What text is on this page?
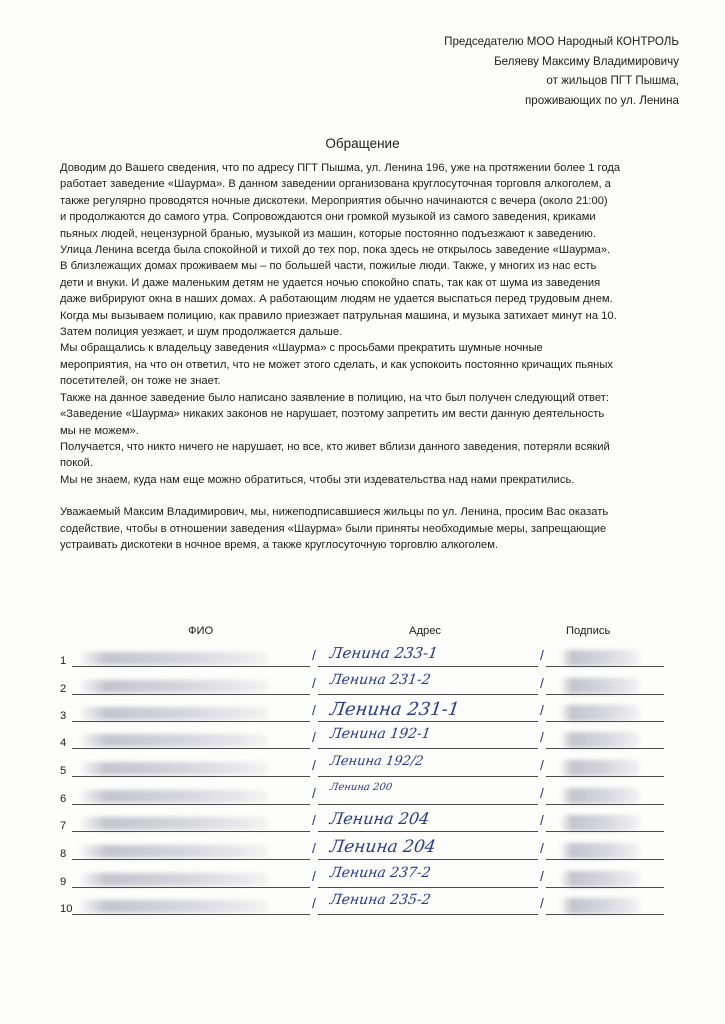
Председателю МОО Народный КОНТРОЛЬ
Беляеву Максиму Владимировичу
от жильцов ПГТ Пышма,
проживающих по ул. Ленина
Обращение

Доводим до Вашего сведения, что по адресу ПГТ Пышма, ул. Ленина 196, уже на протяжении более 1 года

работает заведение «Шаурма». В данном заведении организована круглосуточная торговля алкоголем, а

также регулярно проводятся ночные дискотеки. Мероприятия обычно начинаются с вечера (около 21:00)

и продолжаются до самого утра. Сопровождаются они громкой музыкой из самого заведения, криками

пьяных людей, нецензурной бранью, музыкой из машин, которые постоянно подъезжают к заведению.

Улица Ленина всегда была спокойной и тихой до тех пор, пока здесь не открылось заведение «Шаурма».

В близлежащих домах проживаем мы – по большей части, пожилые люди. Также, у многих из нас есть

дети и внуки. И даже маленьким детям не удается ночью спокойно спать, так как от шума из заведения

даже вибрируют окна в наших домах. А работающим людям не удается выспаться перед трудовым днем.

Когда мы вызываем полицию, как правило приезжает патрульная машина, и музыка затихает минут на 10.

Затем полиция уезжает, и шум продолжается дальше.

Мы обращались к владельцу заведения «Шаурма» с просьбами прекратить шумные ночные

мероприятия, на что он ответил, что не может этого сделать, и как успокоить постоянно кричащих пьяных

посетителей, он тоже не знает.

Также на данное заведение было написано заявление в полицию, на что был получен следующий ответ:

«Заведение «Шаурма» никаких законов не нарушает, поэтому запретить им вести данную деятельность

мы не можем».

Получается, что никто ничего не нарушает, но все, кто живет вблизи данного заведения, потеряли всякий

покой.

Мы не знаем, куда нам еще можно обратиться, чтобы эти издевательства над нами прекратились.

Уважаемый Максим Владимирович, мы, нижеподписавшиеся жильцы по ул. Ленина, просим Вас оказать

содействие, чтобы в отношении заведения «Шаурма» были приняты необходимые меры, запрещающие

устраивать дискотеки в ночное время, а также круглосуточную торговлю алкоголем.

ФИО	Адрес	Подпись
1	/ Ленина 233-1	/
2	/ Ленина 231-2	/
3	/ Ленина 231-1	/
4	/ Ленина 192-1	/
5	/ Ленина 192/2	/
6	/ Ленина 200	/
7	/ Ленина 204	/
8	/ Ленина 204	/
9	/ Ленина 237-2	/
10	/ Ленина 235-2	/
